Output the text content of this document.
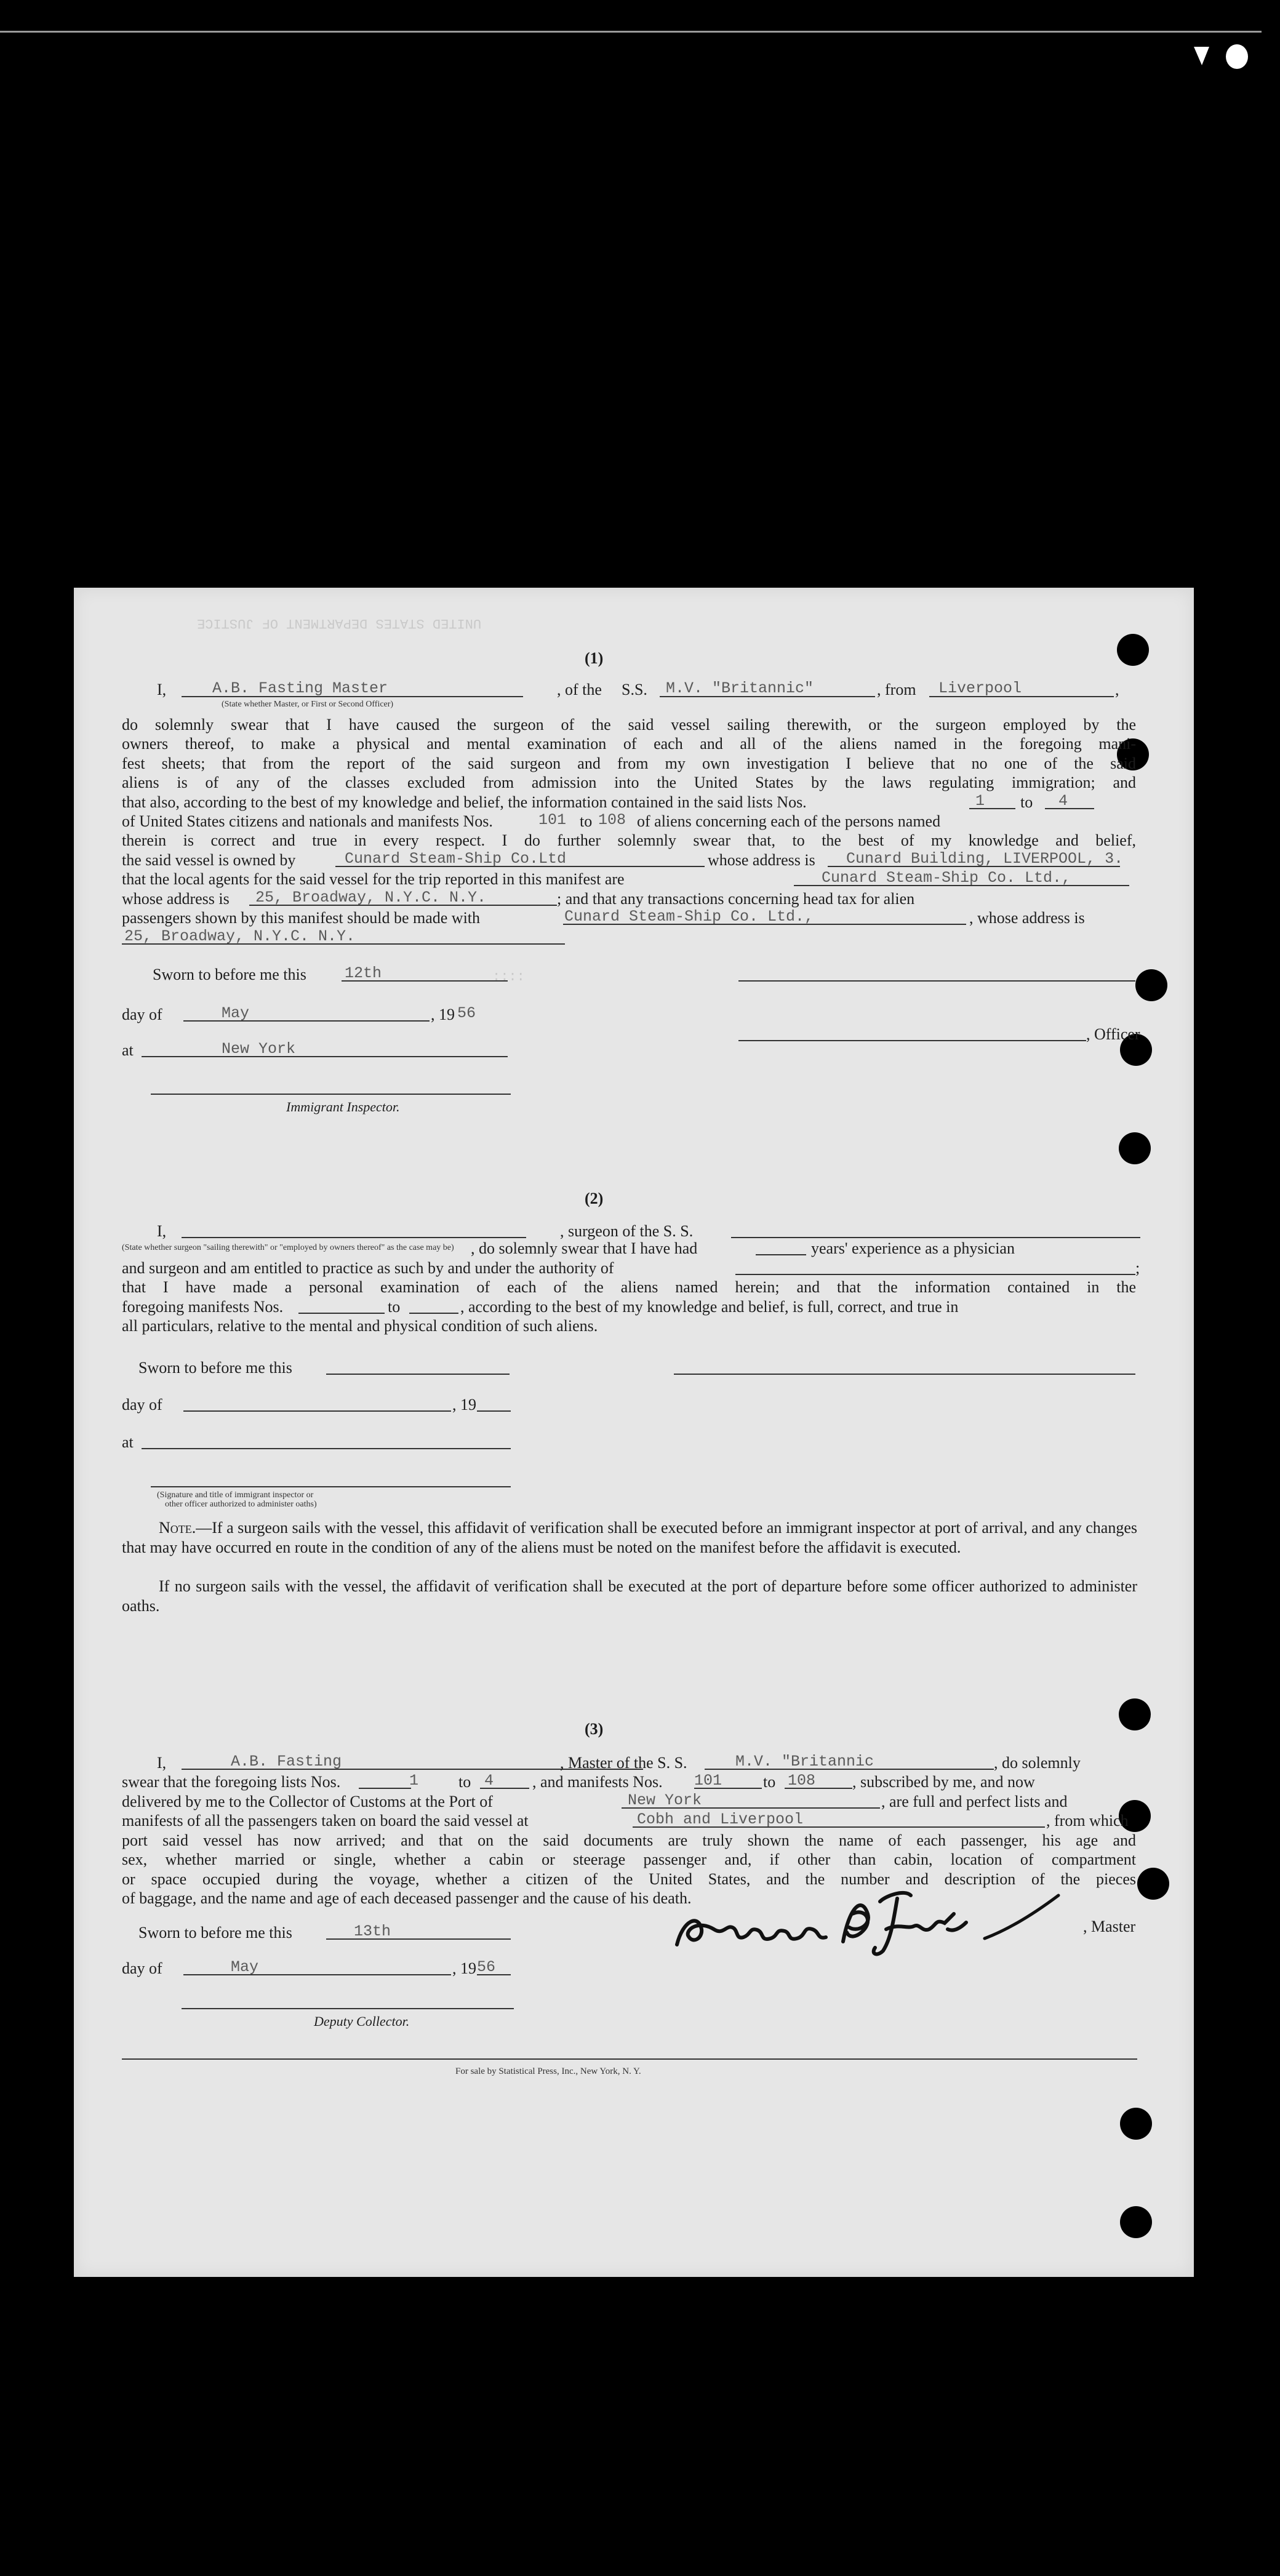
UNITED STATES DEPARTMENT OF JUSTICE
::::
(1)
I,	A.B. Fasting Master	, of the S.S. M.V. "Britannic"	, from Liverpool	,
(State whether Master, or First or Second Officer)
do solemnly swear that I have caused the surgeon of the said vessel sailing therewith, or the surgeon employed by the
owners thereof, to make a physical and mental examination of each and all of the aliens named in the foregoing mani-
fest sheets; that from the report of the said surgeon and from my own investigation I believe that no one of the said
aliens is of any of the classes excluded from admission into the United States by the laws regulating immigration; and
that also, according to the best of my knowledge and belief, the information contained in the said lists Nos.	1 to 4
of United States citizens and nationals and manifests Nos.	101 to 108 of aliens concerning each of the persons named
therein is correct and true in every respect. I do further solemnly swear that, to the best of my knowledge and belief,
the said vessel is owned by	Cunard Steam-Ship Co.Ltd	whose address is Cunard Building, LIVERPOOL, 3.
that the local agents for the said vessel for the trip reported in this manifest are	Cunard Steam-Ship Co. Ltd.,
whose address is 25, Broadway, N.Y.C. N.Y.	; and that any transactions concerning head tax for alien
passengers shown by this manifest should be made with	Cunard Steam-Ship Co. Ltd.,	, whose address is
25, Broadway, N.Y.C. N.Y.
Sworn to before me this 12th
day of	May	, 19 56
at	New York
, Officer
Immigrant Inspector.
(2)
I,	, surgeon of the S. S.
(State whether surgeon "sailing therewith" or "employed by owners thereof" as the case may be) , do solemnly swear that I have had	years' experience as a physician
and surgeon and am entitled to practice as such by and under the authority of	;
that I have made a personal examination of each of the aliens named herein; and that the information contained in the
foregoing manifests Nos.	to	, according to the best of my knowledge and belief, is full, correct, and true in
all particulars, relative to the mental and physical condition of such aliens.
Sworn to before me this
day of	, 19
at
(Signature and title of immigrant inspector or
other officer authorized to administer oaths)
Note.—If a surgeon sails with the vessel, this affidavit of verification shall be executed before an immigrant inspector at port of arrival, and any changes that may have occurred en route in the condition of any of the aliens must be noted on the manifest before the affidavit is executed.
If no surgeon sails with the vessel, the affidavit of verification shall be executed at the port of departure before some officer authorized to administer oaths.
(3)
I,	A.B. Fasting	, Master of the S. S.	M.V. "Britannic	, do solemnly
swear that the foregoing lists Nos.	1 to 4 , and manifests Nos. 101	to 108 , subscribed by me, and now
delivered by me to the Collector of Customs at the Port of	New York	, are full and perfect lists and
manifests of all the passengers taken on board the said vessel at	Cobh and Liverpool	, from which
port said vessel has now arrived; and that on the said documents are truly shown the name of each passenger, his age and
sex, whether married or single, whether a cabin or steerage passenger and, if other than cabin, location of compartment
or space occupied during the voyage, whether a citizen of the United States, and the number and description of the pieces
of baggage, and the name and age of each deceased passenger and the cause of his death.
Sworn to before me this	13th
day of	May	, 19 56
, Master
Deputy Collector.
For sale by Statistical Press, Inc., New York, N. Y.
